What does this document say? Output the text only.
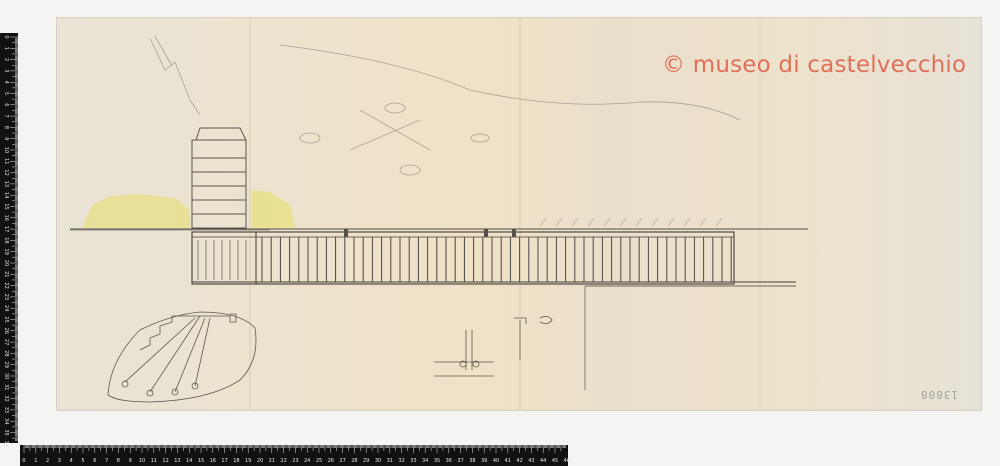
© museo di castelvecchio
13808
0
1
2
3
4
5
6
7
8
9
10
11
12
13
14
15
16
17
18
19
20
21
22
23
24
25
26
27
28
29
30
31
32
33
34
35
36
0 1 2 3 4 5 6 7 8 9 10 11 12 13 14 15 16 17 18 19 20 21 22 23 24 25 26 27 28 29 30 31 32 33 34 35 36 37 38 39 40 41 42 43 44 45 46
